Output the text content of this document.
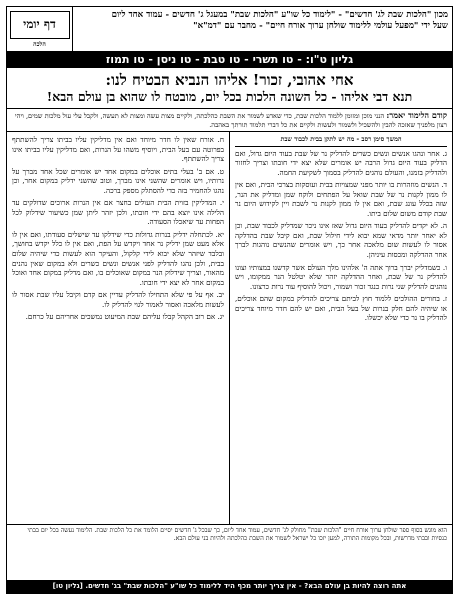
מכון "הלכות שבת לג' חדשים" - "לימוד כל שו"ע "הלכות שבת" במעגל ג' חדשים - עמוד אחד ליום
שעל ידי "מפעל עולמי ללימוד שולחן ערוך אורח חיים" - מחבר עם "דמ"א"
דף יומי
הלכה
גליון ט"ו: - טו תשרי - טו טבת - טו ניסן - טו תמוז
אחי אהובי, זכור! אליהו הנביא הבטיח לנו:
תנא דבי אליהו - כל השונה הלכות בכל יום, מובטח לו שהוא בן עולם הבא!
קודם הלימוד יאמר: הנני מוכן ומזומן ללמוד הלכות שבת, כדי שאדע לשמור את השבת כהלכתה, ולקיים מצות עשה ומצות לא תעשה, ולקבל עלי עול מלכות שמים, ויהי רצון מלפניך שאזכה להבין ולהשכיל ולשמור ולעשות ולקיים את כל דברי תלמוד תורתך באהבה.
המשך סימן רסב - מה יש לתקן בבית לכבוד שבת
ג. אחר ונהגו אנשים ונשים כשרים להדליק נר של שבת בעוד היום גדול, ואם הדליק בעוד היום גדול הרבה יש אומרים שלא יצא ידי חובתו וצריך לחזור ולהדליק בזמנו, והעולם נוהגים להדליק בסמוך לשקיעת החמה.
ד. הנשים מוזהרות בו יותר מפני שמצויות בבית ועוסקות בצרכי הבית, ואם אין לו ממון לקנות נר של שבת שואל על הפתחים ולוקח שמן ומדליק את הנר, שזה בכלל עונג שבת, ואם אין לו ממון לקנות נר לשבת ויין לקידוש היום נר שבת קודם משום שלום ביתו.
ה. לא יקדים להדליק בעוד היום גדול שאז אינו ניכר שמדליק לכבוד שבת, וכן לא יאחר יותר מדאי שמא יבוא לידי חילול שבת, ואם קיבל שבת בהדלקה אסור לו לעשות שום מלאכה אחר כך, ויש אומרים שהנשים נוהגות לברך אחר ההדלקה ומכסות עיניהן.
ו. כשמדליק יברך ברוך אתה ה' אלהינו מלך העולם אשר קדשנו במצותיו וצונו להדליק נר של שבת, ואחר ההדלקה יזהר שלא יטלטל הנר ממקומו, ויש נוהגים להדליק שני נרות כנגד זכור ושמור, ויכול להוסיף עוד נרות כרצונו.
ז. בחורים ההולכים ללמוד חוץ לביתם צריכים להדליק במקום שהם אוכלים, או שיהיה להם חלק בנרות של בעל הבית, ואם יש להם חדר מיוחד צריכים להדליק בו נר כדי שלא יכשלו.
ח. אורח שאין לו חדר מיוחד ואם אין מדליקין עליו בביתו צריך להשתתף בפרוטה עם בעל הבית, ויוסיף משהו על הנרות, ואם מדליקין עליו בביתו אינו צריך להשתתף.
ט. אם ב' בעלי בתים אוכלים במקום אחד יש אומרים שכל אחד מברך על נרותיו, ויש אומרים שהשני אינו מברך, וטוב שהשני ידליק במקום אחר, וכן נהגו להחמיר בזה כדי להסתלק מספק ברכה.
י. המדליקין בזוית הבית העולים בחצר אם אין הנרות ארוכים שדולקים עד הלילה אינו יוצא בהם ידי חובתו, ולכן יזהר ליתן שמן כשיעור שידלוק לכל הפחות עד שיאכלו הסעודה.
יא. לכתחלה ידליק בנרות גדולות כדי שידלקו עד שישלים סעודתו, ואם אין לו אלא מעט שמן ידליק נר אחד ויקדש על הפת, ואם אין לו כלל יקדש בחושך, ובלבד שיזהר שלא יבוא לידי קלקול, והעיקר הוא לעשות כדי שיהיה שלום בבית, ולכן נהגו להדליק לפני אנשים ונשים כשרים ולא במקום שאין נהנים מהאור, וצריך שידלוק הנר במקום שאוכלים בו, ואם מדליק במקום אחד ואוכל במקום אחר לא יצא ידי חובתו.
יב. אף על פי שלא התחילו להדליק עדיין אם קדם וקיבל עליו שבת אסור לו לעשות מלאכה ואסור לאמור לגוי להדליק לו.
יג. אם רוב הקהל קבלו עליהם שבת המיעוט נמשכים אחריהם על כרחם.
הוא מוגש בסוף ספר שולחן ערוך אורח חיים "הלכות שבת" מחולק לג' חדשים, עמוד אחד ליום, כך שבכל ג' חדשים יסיים הלומד את כל הלכות שבת. הלימוד נעשה בכל יום בבתי כנסיות ובבתי מדרשות, ובכל מקומות התורה, למען יזכו כל ישראל לשמור את השבת כהלכתה ולהיות בני עולם הבא.
אתה רוצה להיות בן עולם הבא? - אין צריך יותר מכף היד ללימוד כל שו"ע "הלכות שבת" בג' חדשים. [גליון טו]
